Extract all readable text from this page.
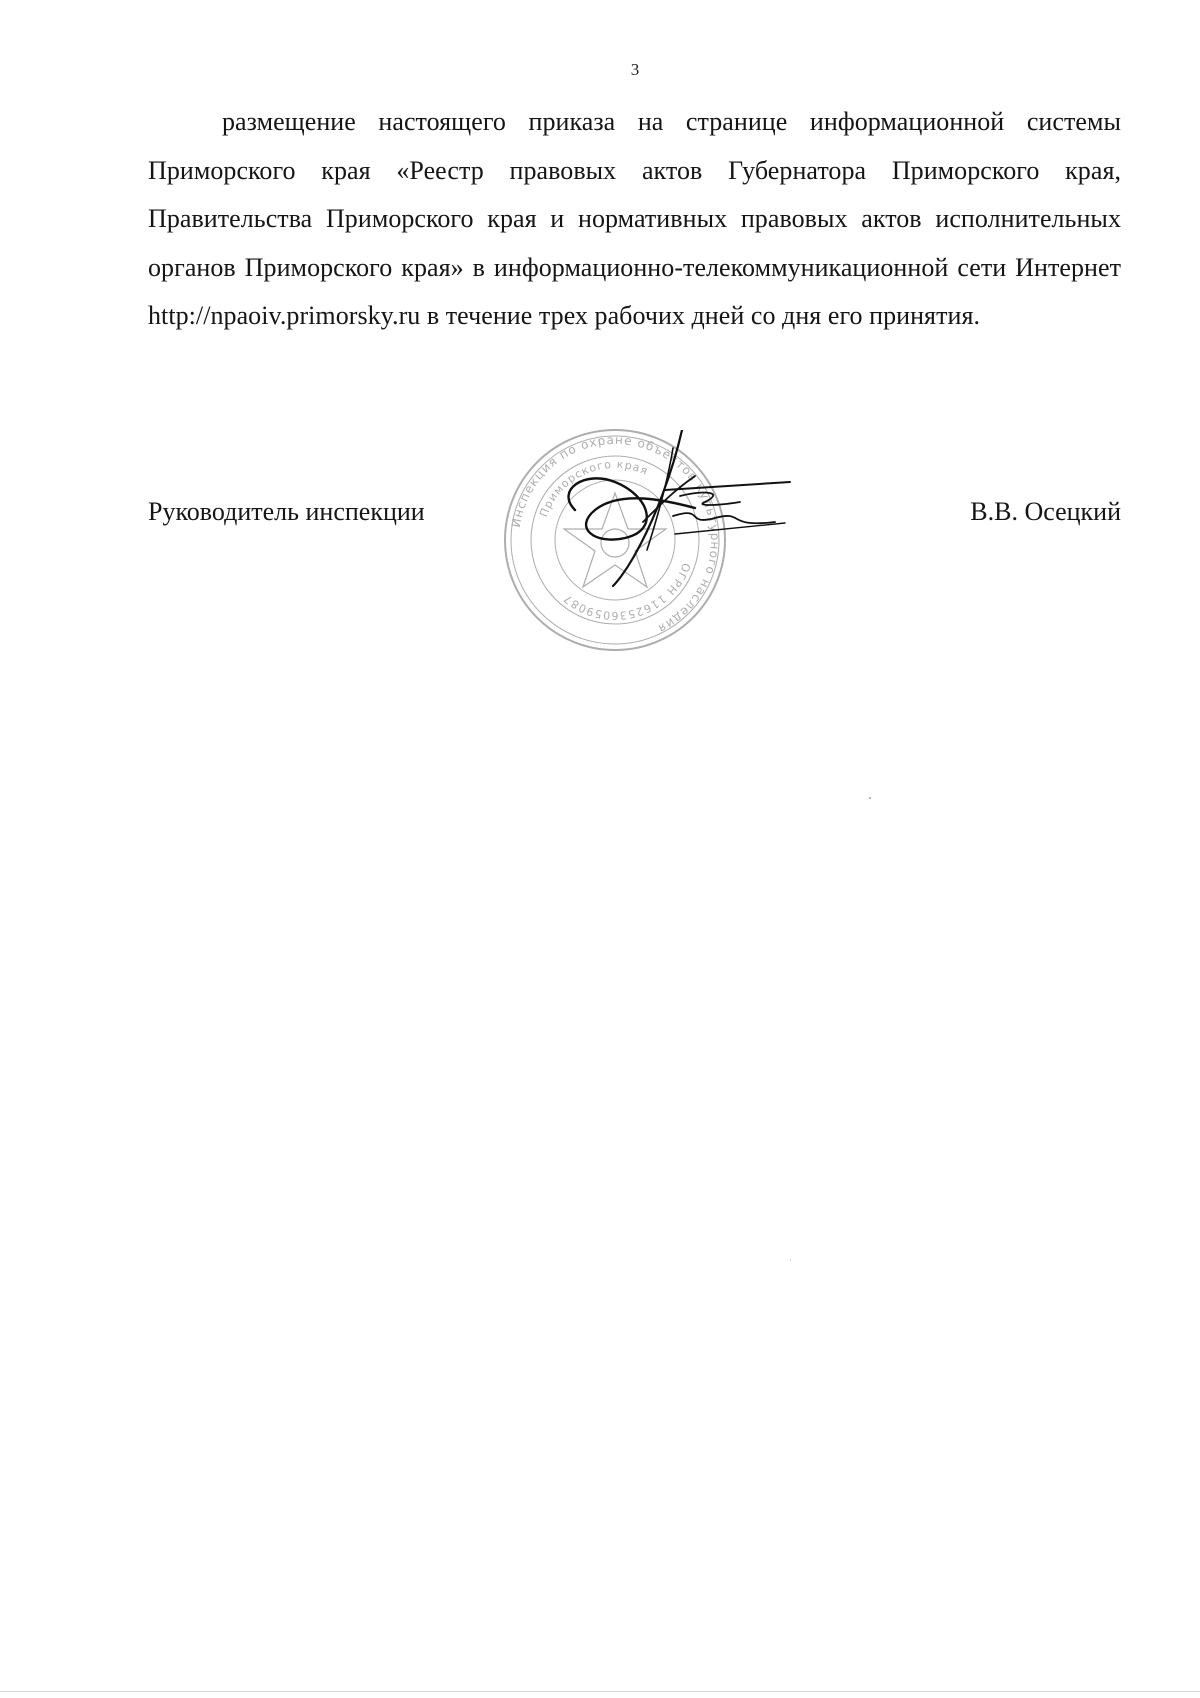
3

размещение настоящего приказа на странице информационной системы Приморского края «Реестр правовых актов Губернатора Приморского края, Правительства Приморского края и нормативных правовых актов исполнительных органов Приморского края» в информационно-телекоммуникационной сети Интернет http://npaoiv.primorsky.ru в течение трех рабочих дней со дня его принятия.

Инспекция по охране объектов культурного наследия
Приморского края
ОГРН 1162536059087
Руководитель инспекции	В.В. Осецкий
